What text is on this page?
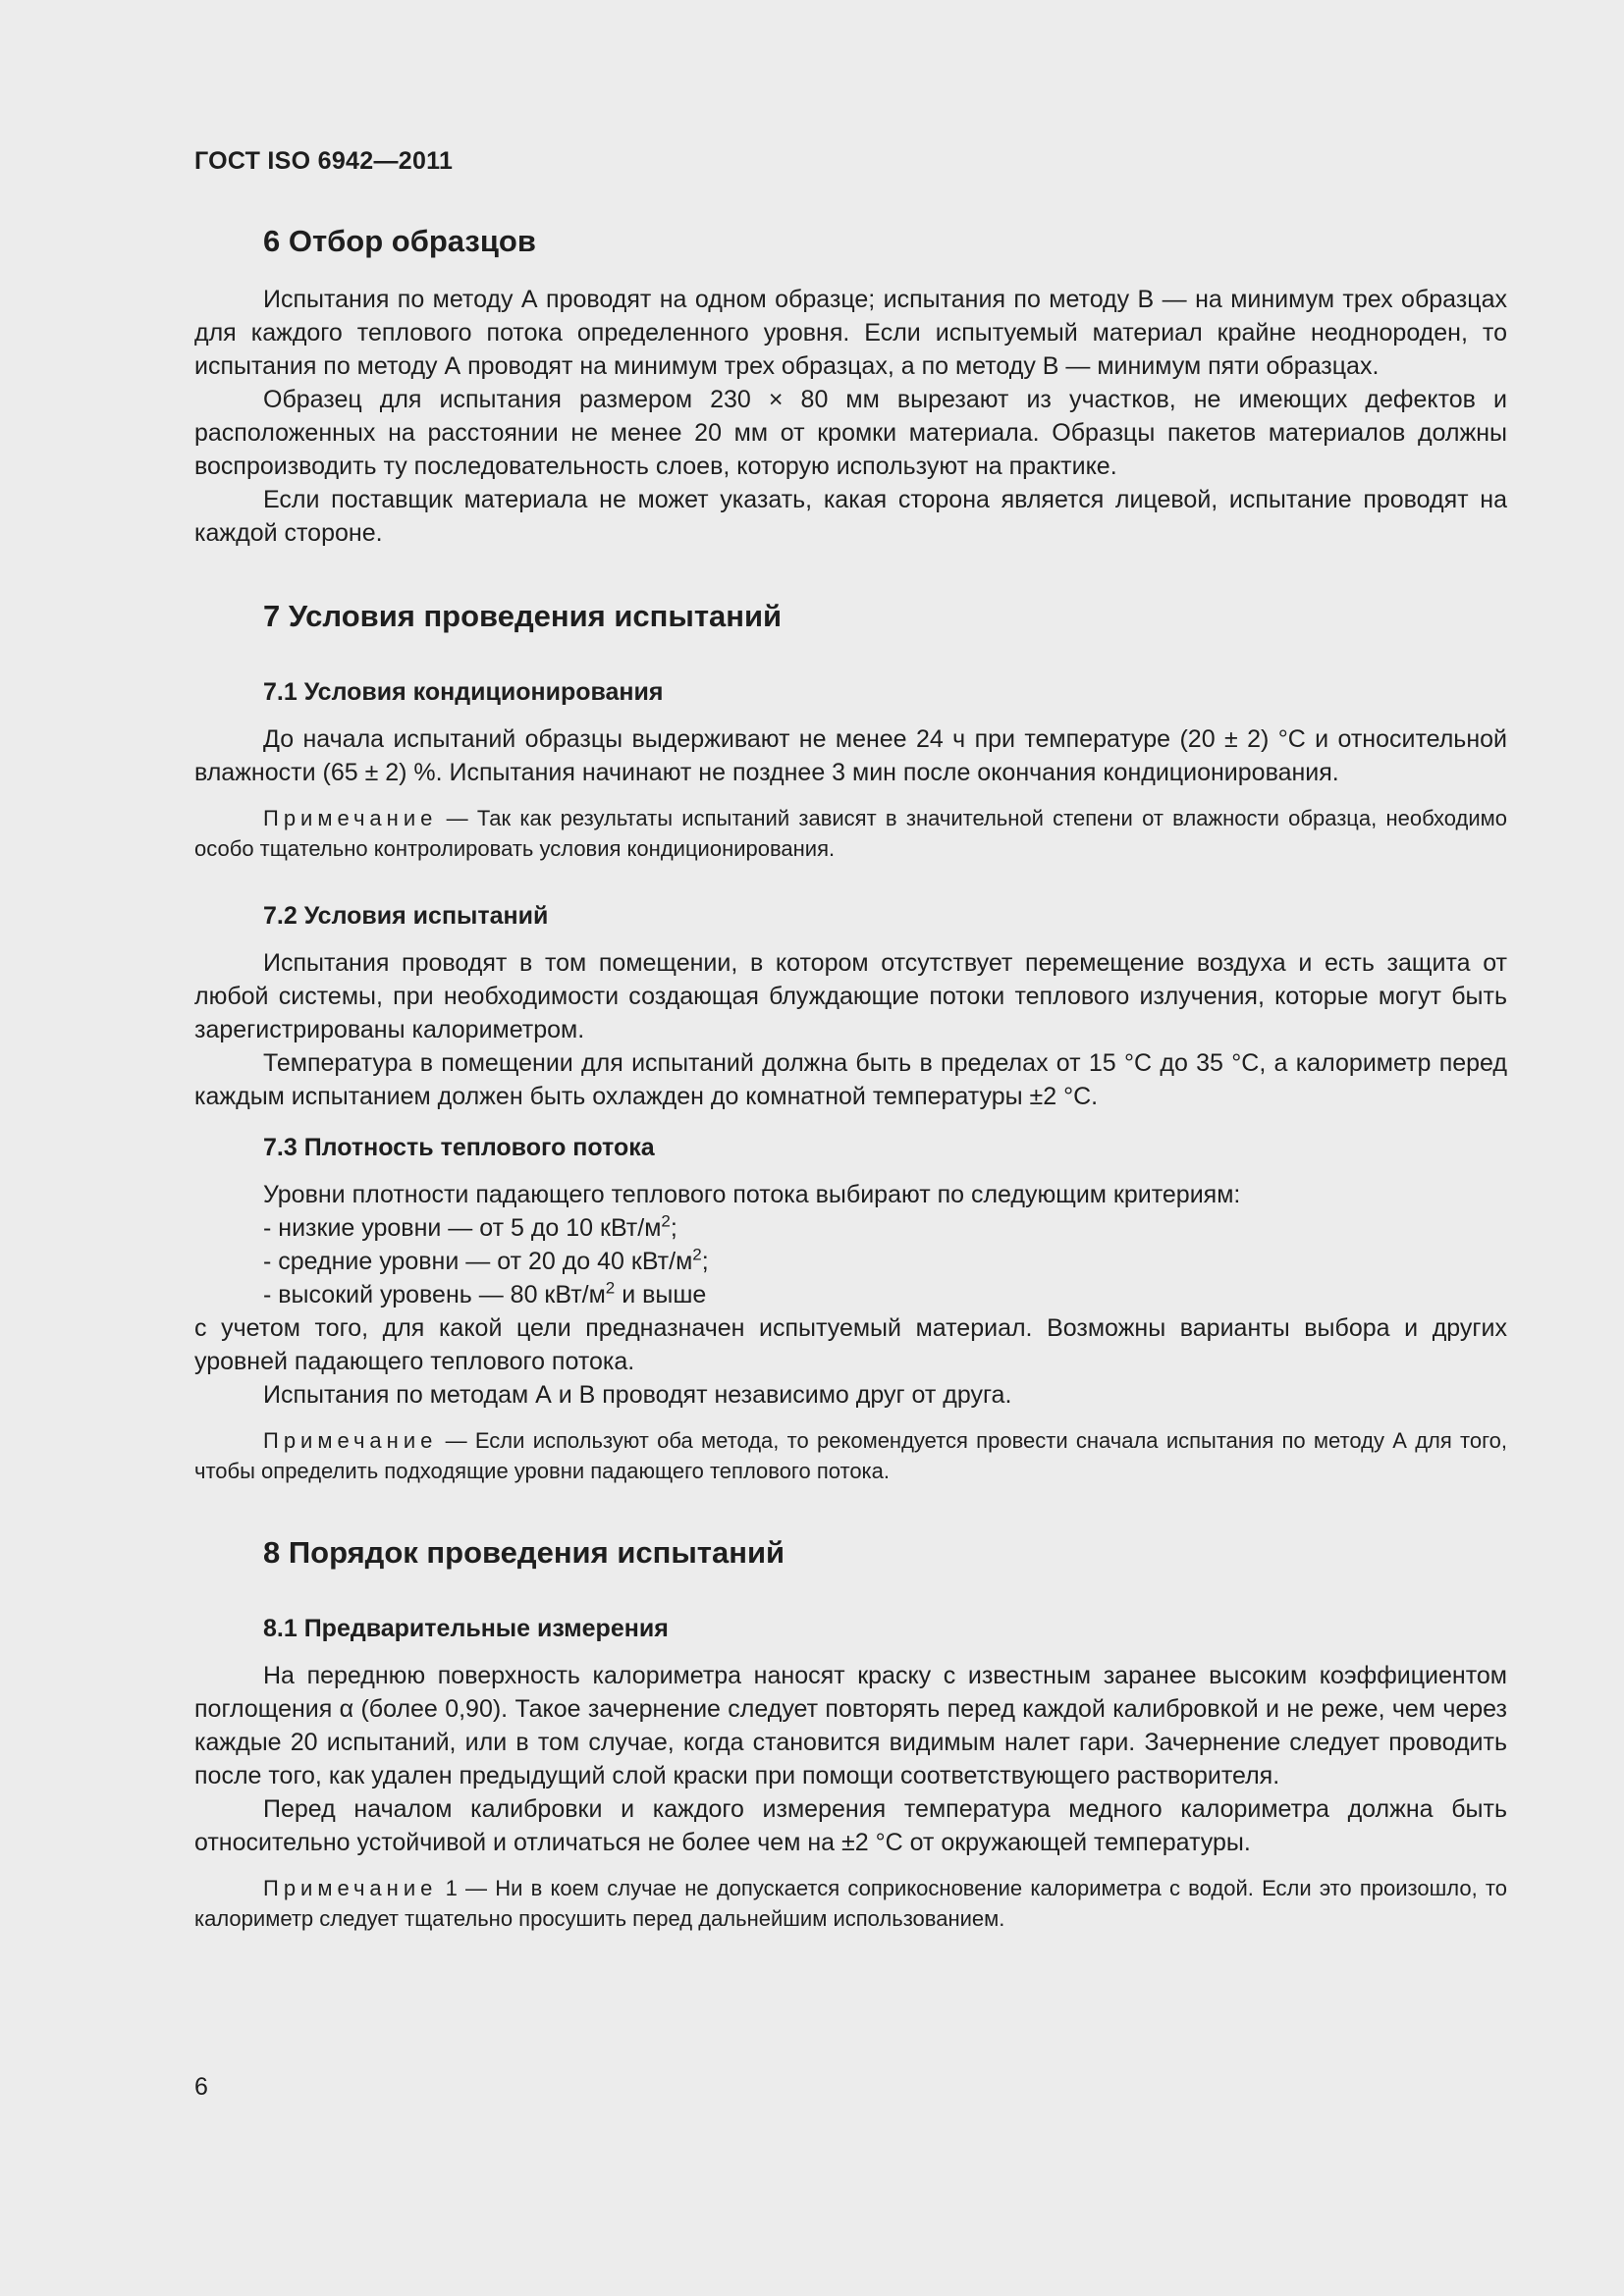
ГОСТ ISO 6942—2011
6 Отбор образцов

Испытания по методу А проводят на одном образце; испытания по методу В — на минимум трех образцах для каждого теплового потока определенного уровня. Если испытуемый материал крайне неоднороден, то испытания по методу А проводят на минимум трех образцах, а по методу В — минимум пяти образцах.

Образец для испытания размером 230 × 80 мм вырезают из участков, не имеющих дефектов и расположенных на расстоянии не менее 20 мм от кромки материала. Образцы пакетов материалов должны воспроизводить ту последовательность слоев, которую используют на практике.

Если поставщик материала не может указать, какая сторона является лицевой, испытание проводят на каждой стороне.

7 Условия проведения испытаний
7.1 Условия кондиционирования

До начала испытаний образцы выдерживают не менее 24 ч при температуре (20 ± 2) °С и относительной влажности (65 ± 2) %. Испытания начинают не позднее 3 мин после окончания кондиционирования.

Примечание — Так как результаты испытаний зависят в значительной степени от влажности образца, необходимо особо тщательно контролировать условия кондиционирования.

7.2 Условия испытаний

Испытания проводят в том помещении, в котором отсутствует перемещение воздуха и есть защита от любой системы, при необходимости создающая блуждающие потоки теплового излучения, которые могут быть зарегистрированы калориметром.

Температура в помещении для испытаний должна быть в пределах от 15 °С до 35 °С, а калориметр перед каждым испытанием должен быть охлажден до комнатной температуры ±2 °С.

7.3 Плотность теплового потока

Уровни плотности падающего теплового потока выбирают по следующим критериям:

- низкие уровни — от 5 до 10 кВт/$м^2$;

- средние уровни — от 20 до 40 кВт/$м^2$;

- высокий уровень — 80 кВт/$м^2$ и выше

с учетом того, для какой цели предназначен испытуемый материал. Возможны варианты выбора и других уровней падающего теплового потока.

Испытания по методам А и В проводят независимо друг от друга.

Примечание — Если используют оба метода, то рекомендуется провести сначала испытания по методу А для того, чтобы определить подходящие уровни падающего теплового потока.

8 Порядок проведения испытаний
8.1 Предварительные измерения

На переднюю поверхность калориметра наносят краску с известным заранее высоким коэффициентом поглощения α (более 0,90). Такое зачернение следует повторять перед каждой калибровкой и не реже, чем через каждые 20 испытаний, или в том случае, когда становится видимым налет гари. Зачернение следует проводить после того, как удален предыдущий слой краски при помощи соответствующего растворителя.

Перед началом калибровки и каждого измерения температура медного калориметра должна быть относительно устойчивой и отличаться не более чем на ±2 °С от окружающей температуры.

Примечание 1 — Ни в коем случае не допускается соприкосновение калориметра с водой. Если это произошло, то калориметр следует тщательно просушить перед дальнейшим использованием.

6
